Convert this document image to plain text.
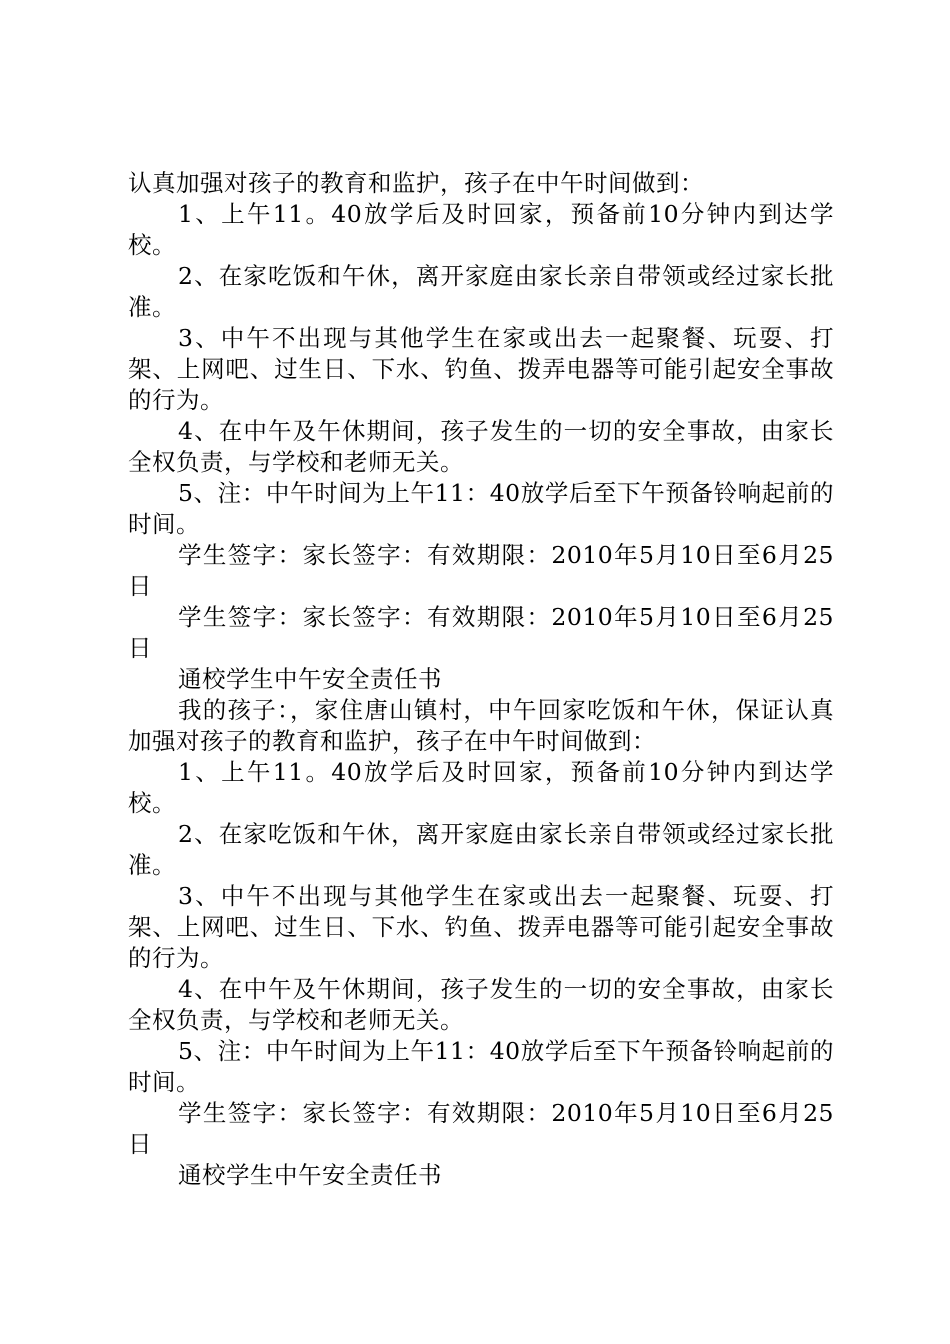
认真加强对孩子的教育和监护，孩子在中午时间做到：

1、上午11。40放学后及时回家，预备前10分钟内到达学校。

2、在家吃饭和午休，离开家庭由家长亲自带领或经过家长批准。

3、中午不出现与其他学生在家或出去一起聚餐、玩耍、打架、上网吧、过生日、下水、钓鱼、拨弄电器等可能引起安全事故的行为。

4、在中午及午休期间，孩子发生的一切的安全事故，由家长全权负责，与学校和老师无关。

5、注：中午时间为上午11：40放学后至下午预备铃响起前的时间。

学生签字：家长签字：有效期限：2010年5月10日至6月25日

学生签字：家长签字：有效期限：2010年5月10日至6月25日

通校学生中午安全责任书

我的孩子：，家住唐山镇村，中午回家吃饭和午休，保证认真加强对孩子的教育和监护，孩子在中午时间做到：

1、上午11。40放学后及时回家，预备前10分钟内到达学校。

2、在家吃饭和午休，离开家庭由家长亲自带领或经过家长批准。

3、中午不出现与其他学生在家或出去一起聚餐、玩耍、打架、上网吧、过生日、下水、钓鱼、拨弄电器等可能引起安全事故的行为。

4、在中午及午休期间，孩子发生的一切的安全事故，由家长全权负责，与学校和老师无关。

5、注：中午时间为上午11：40放学后至下午预备铃响起前的时间。

学生签字：家长签字：有效期限：2010年5月10日至6月25日

通校学生中午安全责任书
